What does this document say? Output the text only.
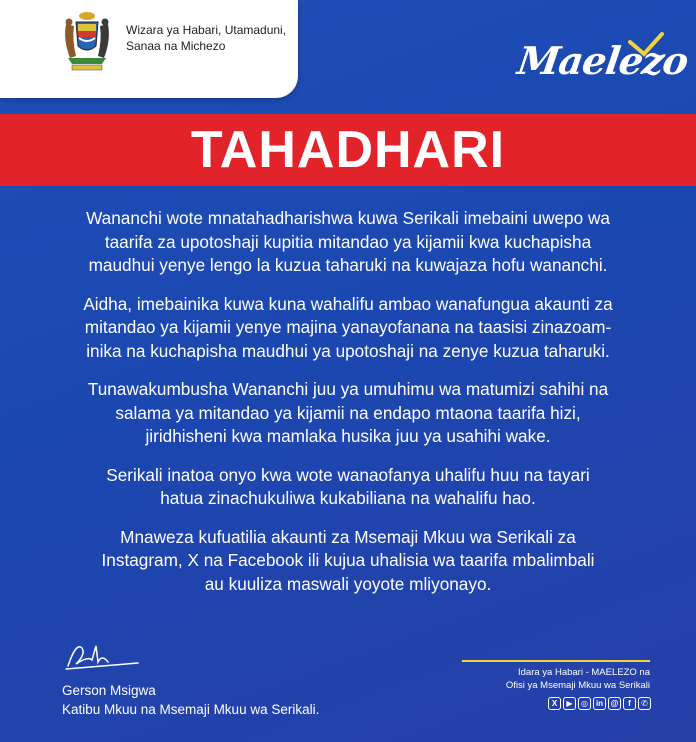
Wizara ya Habari, Utamaduni,
Sanaa na Michezo	Maelezo
TAHADHARI

Wananchi wote mnatahadharishwa kuwa Serikali imebaini uwepo wa
taarifa za upotoshaji kupitia mitandao ya kijamii kwa kuchapisha
maudhui yenye lengo la kuzua taharuki na kuwajaza hofu wananchi.

Aidha, imebainika kuwa kuna wahalifu ambao wanafungua akaunti za
mitandao ya kijamii yenye majina yanayofanana na taasisi zinazoam-
inika na kuchapisha maudhui ya upotoshaji na zenye kuzua taharuki.

Tunawakumbusha Wananchi juu ya umuhimu wa matumizi sahihi na
salama ya mitandao ya kijamii na endapo mtaona taarifa hizi,
jiridhisheni kwa mamlaka husika juu ya usahihi wake.

Serikali inatoa onyo kwa wote wanaofanya uhalifu huu na tayari
hatua zinachukuliwa kukabiliana na wahalifu hao.

Mnaweza kufuatilia akaunti za Msemaji Mkuu wa Serikali za
Instagram, X na Facebook ili kujua uhalisia wa taarifa mbalimbali
au kuuliza maswali yoyote mliyonayo.

Gerson Msigwa
Katibu Mkuu na Msemaji Mkuu wa Serikali.
Idara ya Habari - MAELEZO na
Ofisi ya Msemaji Mkuu wa Serikali
X	▶	◎ in @	f	✆
